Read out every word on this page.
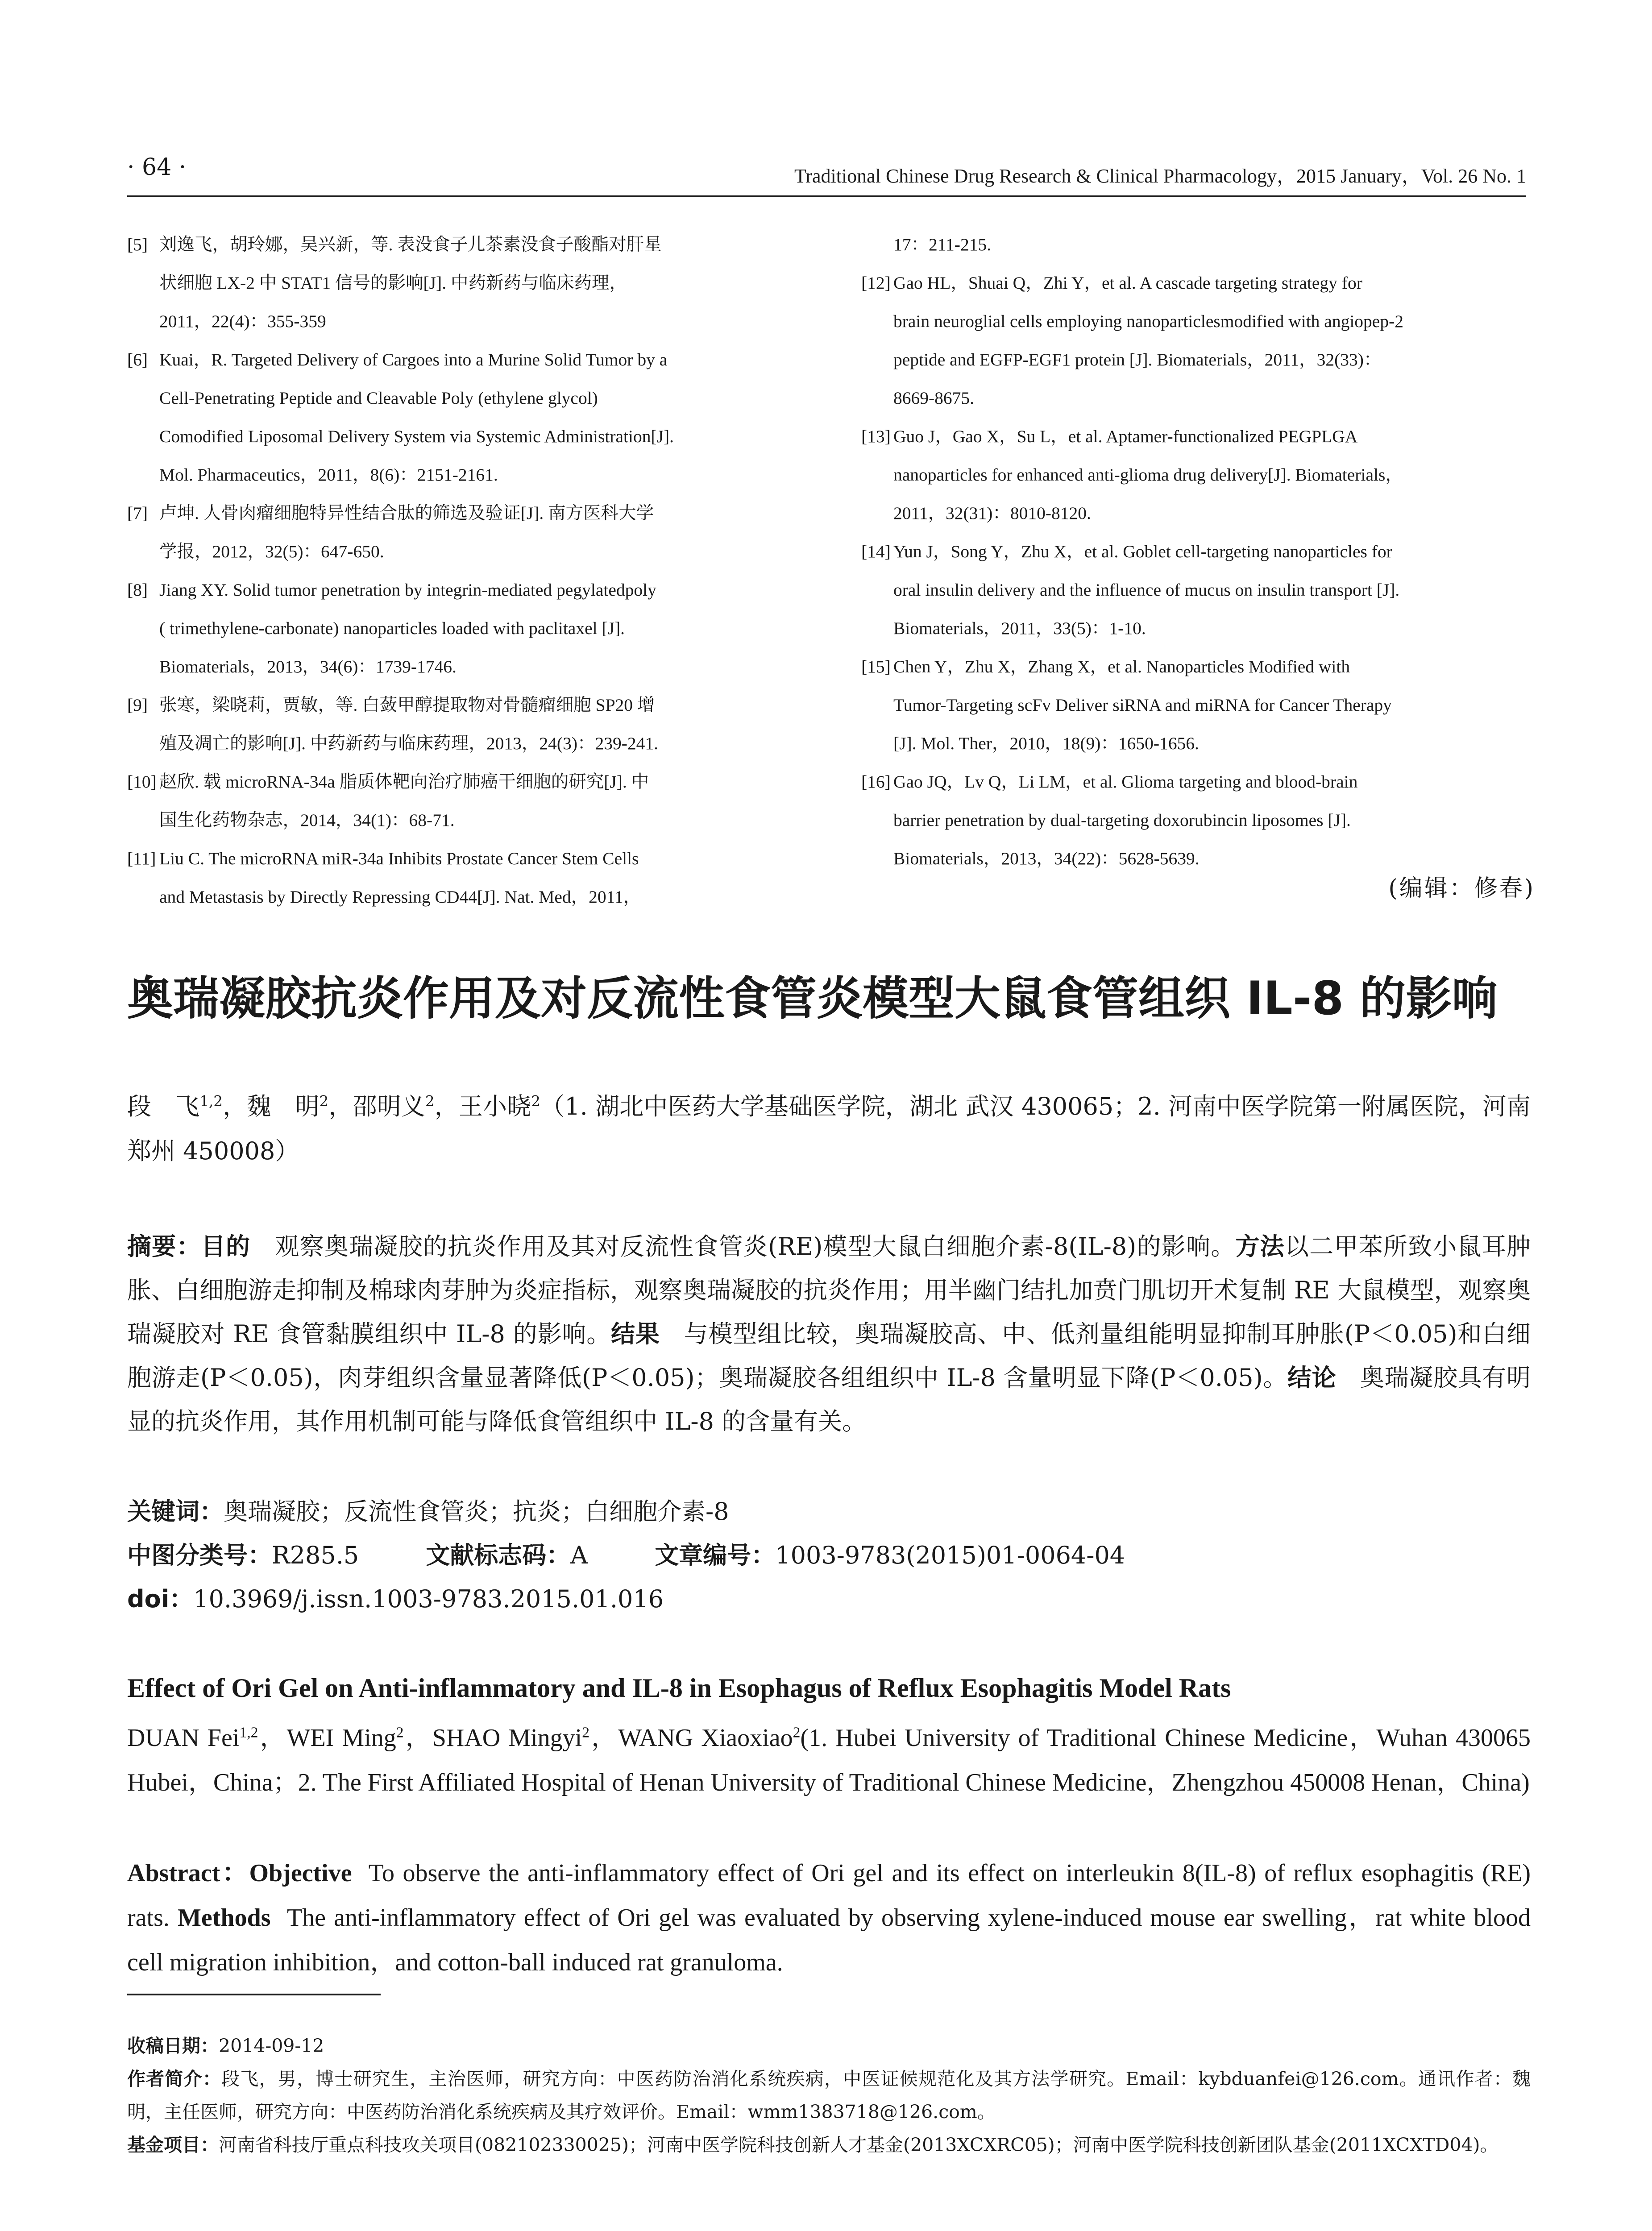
· 64 ·	Traditional Chinese Drug Research & Clinical Pharmacology，2015 January，Vol. 26 No. 1
[5] 刘逸飞，胡玲娜，吴兴新，等. 表没食子儿茶素没食子酸酯对肝星
状细胞 LX-2 中 STAT1 信号的影响[J]. 中药新药与临床药理，
2011，22(4)：355-359
[6] Kuai，R. Targeted Delivery of Cargoes into a Murine Solid Tumor by a
Cell-Penetrating Peptide and Cleavable Poly (ethylene glycol)
Comodified Liposomal Delivery System via Systemic Administration[J].
Mol. Pharmaceutics，2011，8(6)：2151-2161.
[7] 卢坤. 人骨肉瘤细胞特异性结合肽的筛选及验证[J]. 南方医科大学
学报，2012，32(5)：647-650.
[8] Jiang XY. Solid tumor penetration by integrin-mediated pegylatedpoly
( trimethylene-carbonate) nanoparticles loaded with paclitaxel [J].
Biomaterials，2013，34(6)：1739-1746.
[9] 张寒，梁晓莉，贾敏，等. 白蔹甲醇提取物对骨髓瘤细胞 SP20 增
殖及凋亡的影响[J]. 中药新药与临床药理，2013，24(3)：239-241.
[10] 赵欣. 载 microRNA-34a 脂质体靶向治疗肺癌干细胞的研究[J]. 中
国生化药物杂志，2014，34(1)：68-71.
[11] Liu C. The microRNA miR-34a Inhibits Prostate Cancer Stem Cells
and Metastasis by Directly Repressing CD44[J]. Nat. Med，2011，
17：211-215.
[12] Gao HL，Shuai Q，Zhi Y，et al. A cascade targeting strategy for
brain neuroglial cells employing nanoparticlesmodified with angiopep-2
peptide and EGFP-EGF1 protein [J]. Biomaterials，2011，32(33)：
8669-8675.
[13] Guo J，Gao X，Su L，et al. Aptamer-functionalized PEGPLGA
nanoparticles for enhanced anti-glioma drug delivery[J]. Biomaterials，
2011，32(31)：8010-8120.
[14] Yun J，Song Y，Zhu X，et al. Goblet cell-targeting nanoparticles for
oral insulin delivery and the influence of mucus on insulin transport [J].
Biomaterials，2011，33(5)：1-10.
[15] Chen Y，Zhu X，Zhang X，et al. Nanoparticles Modified with
Tumor-Targeting scFv Deliver siRNA and miRNA for Cancer Therapy
[J]. Mol. Ther，2010，18(9)：1650-1656.
[16] Gao JQ，Lv Q，Li LM，et al. Glioma targeting and blood-brain
barrier penetration by dual-targeting doxorubincin liposomes [J].
Biomaterials，2013，34(22)：5628-5639.
(编辑：修春)
奥瑞凝胶抗炎作用及对反流性食管炎模型大鼠食管组织 IL-8 的影响
段　飞$^{1,2}$，魏　明$^2$，邵明义$^2$，王小晓$^2$（1. 湖北中医药大学基础医学院，湖北 武汉 430065；2. 河南中医学院第一附属医院，河南 郑州 450008）
摘要：目的 观察奥瑞凝胶的抗炎作用及其对反流性食管炎(RE)模型大鼠白细胞介素-8(IL-8)的影响。方法以二甲苯所致小鼠耳肿胀、白细胞游走抑制及棉球肉芽肿为炎症指标，观察奥瑞凝胶的抗炎作用；用半幽门结扎加贲门肌切开术复制 RE 大鼠模型，观察奥瑞凝胶对 RE 食管黏膜组织中 IL-8 的影响。结果 与模型组比较，奥瑞凝胶高、中、低剂量组能明显抑制耳肿胀(P＜0.05)和白细胞游走(P＜0.05)，肉芽组织含量显著降低(P＜0.05)；奥瑞凝胶各组组织中 IL-8 含量明显下降(P＜0.05)。结论 奥瑞凝胶具有明显的抗炎作用，其作用机制可能与降低食管组织中 IL-8 的含量有关。
关键词：奥瑞凝胶；反流性食管炎；抗炎；白细胞介素-8
中图分类号：R285.5	文献标志码：A	文章编号：1003-9783(2015)01-0064-04
doi：10.3969/j.issn.1003-9783.2015.01.016
Effect of Ori Gel on Anti-inflammatory and IL-8 in Esophagus of Reflux Esophagitis Model Rats
DUAN Fei$^{1,2}$，WEI Ming$^2$，SHAO Mingyi$^2$，WANG Xiaoxiao$^2$(1. Hubei University of Traditional Chinese Medicine，Wuhan 430065 Hubei，China；2. The First Affiliated Hospital of Henan University of Traditional Chinese Medicine，Zhengzhou 450008 Henan，China)
Abstract：Objective To observe the anti-inflammatory effect of Ori gel and its effect on interleukin 8(IL-8) of reflux esophagitis (RE) rats. Methods The anti-inflammatory effect of Ori gel was evaluated by observing xylene-induced mouse ear swelling，rat white blood cell migration inhibition，and cotton-ball induced rat granuloma.
收稿日期：2014-09-12
作者简介：段飞，男，博士研究生，主治医师，研究方向：中医药防治消化系统疾病，中医证候规范化及其方法学研究。Email：kybduanfei@126.com。通讯作者：魏明，主任医师，研究方向：中医药防治消化系统疾病及其疗效评价。Email：wmm1383718@126.com。
基金项目：河南省科技厅重点科技攻关项目(082102330025)；河南中医学院科技创新人才基金(2013XCXRC05)；河南中医学院科技创新团队基金(2011XCXTD04)。
